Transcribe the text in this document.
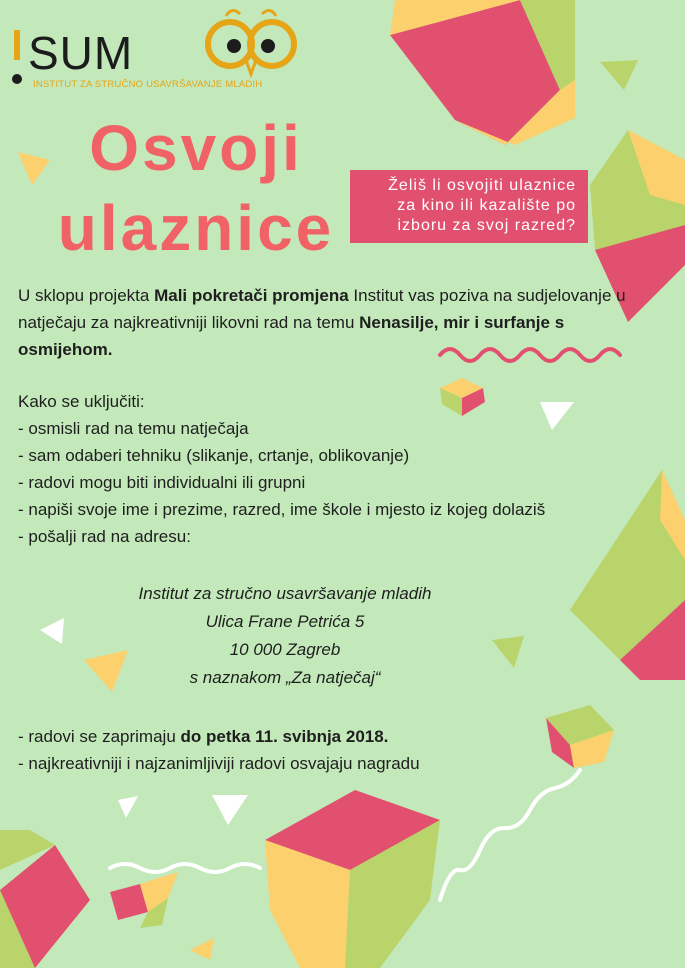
SUM
INSTITUT ZA STRUČNO USAVRŠAVANJE MLADIH
Osvoji
ulaznice
Želiš li osvojiti ulaznice
za kino ili kazalište po
izboru za svoj razred?
U sklopu projekta Mali pokretači promjena Institut vas poziva na sudjelovanje u natječaju za najkreativniji likovni rad na temu Nenasilje, mir i surfanje s osmijehom.
Kako se uključiti:
- osmisli rad na temu natječaja
- sam odaberi tehniku (slikanje, crtanje, oblikovanje)
- radovi mogu biti individualni ili grupni
- napiši svoje ime i prezime, razred, ime škole i mjesto iz kojeg dolaziš
- pošalji rad na adresu:
Institut za stručno usavršavanje mladih
Ulica Frane Petrića 5
10 000 Zagreb
s naznakom „Za natječaj“
- radovi se zaprimaju do petka 11. svibnja 2018.
- najkreativniji i najzanimljiviji radovi osvajaju nagradu
